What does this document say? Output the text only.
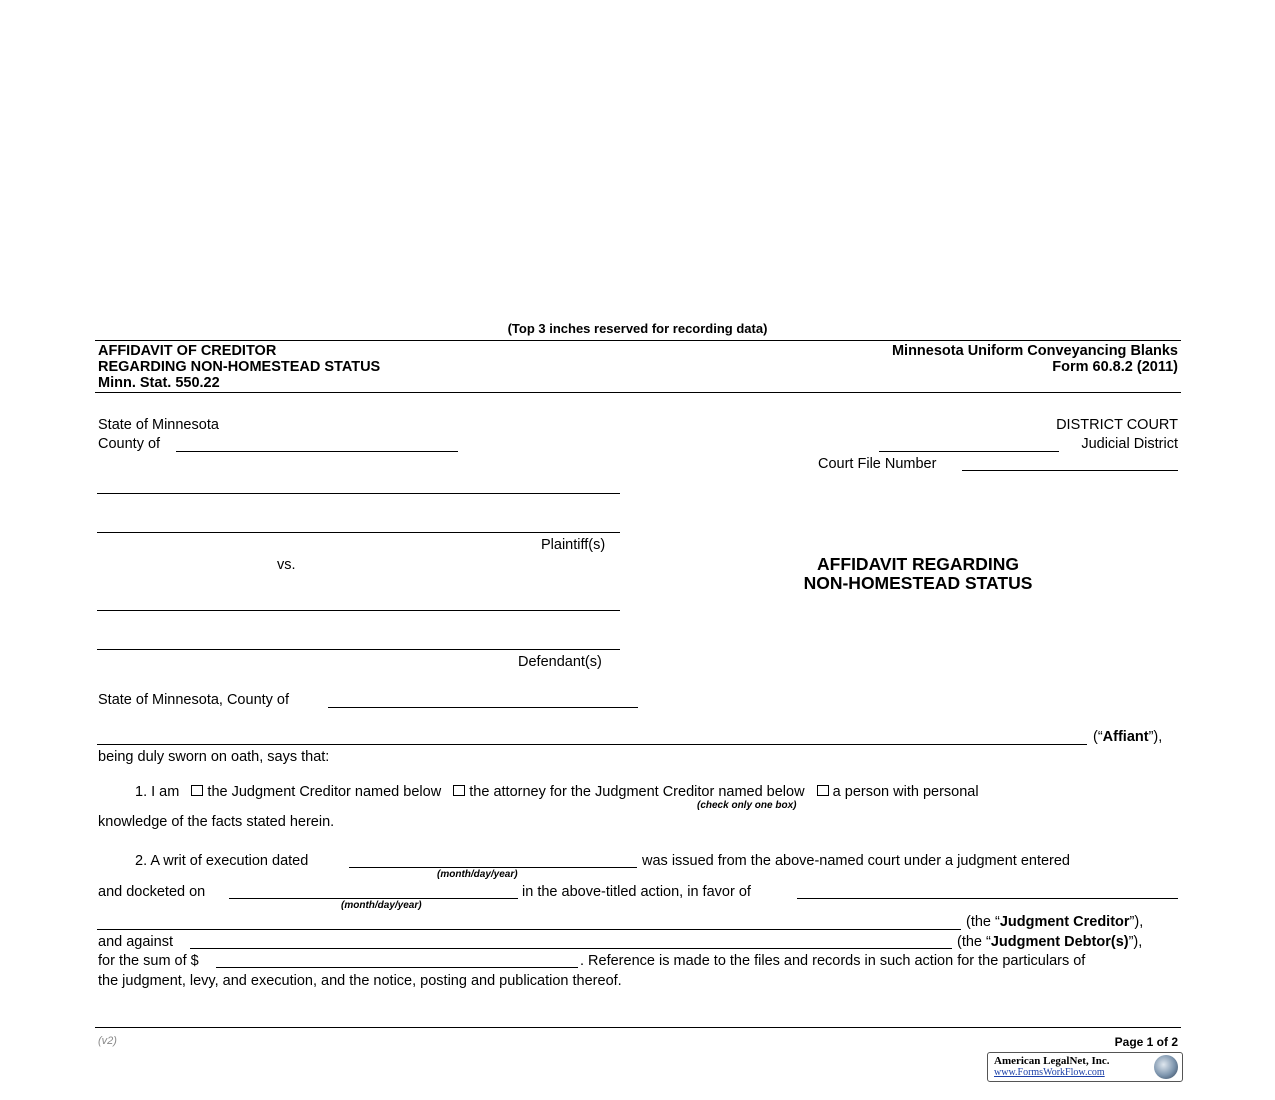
(Top 3 inches reserved for recording data)
AFFIDAVIT OF CREDITOR
REGARDING NON-HOMESTEAD STATUS
Minn. Stat. 550.22
Minnesota Uniform Conveyancing Blanks
Form 60.8.2 (2011)
State of Minnesota
County of
DISTRICT COURT
Judicial District
Court File Number
Plaintiff(s)
vs.
Defendant(s)
AFFIDAVIT REGARDING
NON-HOMESTEAD STATUS
State of Minnesota, County of
(“Affiant”),
being duly sworn on oath, says that:
1. I am the Judgment Creditor named below the attorney for the Judgment Creditor named below a person with personal
(check only one box)
knowledge of the facts stated herein.
2. A writ of execution dated	was issued from the above-named court under a judgment entered
(month/day/year)
and docketed on	in the above-titled action, in favor of
(month/day/year)
(the “Judgment Creditor”),
and against	(the “Judgment Debtor(s)”),
for the sum of $	. Reference is made to the files and records in such action for the particulars of
the judgment, levy, and execution, and the notice, posting and publication thereof.
(v2)	Page 1 of 2
American LegalNet, Inc.
www.FormsWorkFlow.com
